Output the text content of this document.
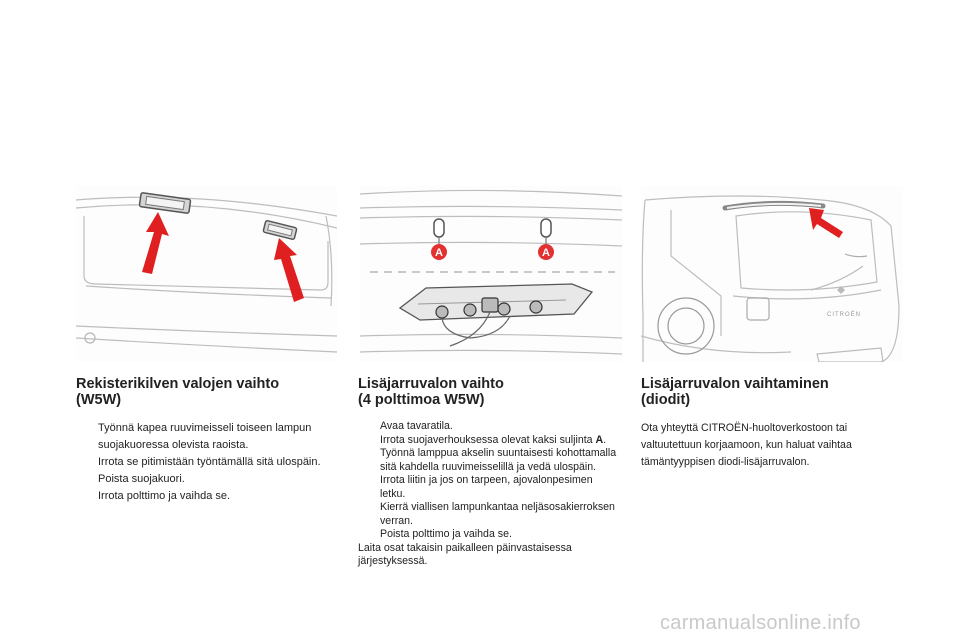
A	A
CITROËN
Rekisterikilven valojen vaihto
(W5W)
Työnnä kapea ruuvimeisseli toiseen lampun suojakuoressa olevista raoista.
Irrota se pitimistään työntämällä sitä ulospäin.
Poista suojakuori.
Irrota polttimo ja vaihda se.
Lisäjarruvalon vaihto
(4 polttimoa W5W)
Avaa tavaratila.
Irrota suojaverhouksessa olevat kaksi suljinta A.
Työnnä lamppua akselin suuntaisesti kohottamalla sitä kahdella ruuvimeisselillä ja vedä ulospäin.
Irrota liitin ja jos on tarpeen, ajovalonpesimen letku.
Kierrä viallisen lampunkantaa neljäsosakierroksen verran.
Poista polttimo ja vaihda se.

Laita osat takaisin paikalleen päinvastaisessa järjestyksessä.

Lisäjarruvalon vaihtaminen
(diodit)

Ota yhteyttä CITROËN-huoltoverkostoon tai valtuutettuun korjaamoon, kun haluat vaihtaa tämäntyyppisen diodi-lisäjarruvalon.

carmanualsonline.info
